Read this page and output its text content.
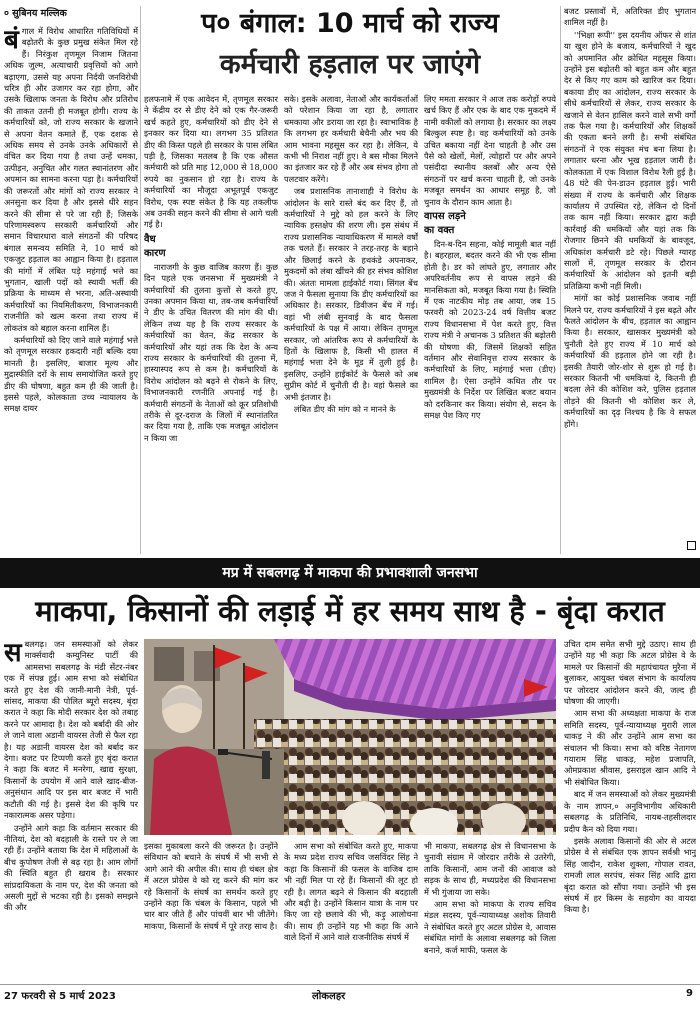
० सुबिनय मल्लिक	प० बंगाल: 10 मार्च को राज्य
कर्मचारी हड़ताल पर जाएंगे
बं गाल में विरोध आधारित गतिविधियों में बढ़ोतरी के कुछ प्रमुख संकेत मिल रहे हैं। निरंकुश तृणमूल निजाम जितना अधिक जुल्म, अत्याचारी प्रवृत्तियों को आगे बढ़ाएगा, उससे यह अपना निर्दयी जनविरोधी चरित्र ही और उजागर कर रहा होगा, और उसके खिलाफ जनता के विरोध और प्रतिरोध की ताकत उतनी ही मजबूत होगी। राज्य के कर्मचारियों को, जो राज्य सरकार के खजाने से अपना वेतन कमाते हैं, एक दशक से अधिक समय से उनके उनके अधिकारों से वंचित कर दिया गया है तथा उन्हें धमका, उत्पीड़न, अनुचित और गलत स्थानांतरण और अपमान का सामना करना पड़ा है। कर्मचारियों की जरूरतों और मांगों को राज्य सरकार ने अनसुना कर दिया है और इससे धीरे सहन करने की सीमा से परे जा रही हैं; जिसके परिणामस्वरूप सरकारी कर्मचारियों और समान विचारधारा वाले संगठनों की परिषद बंगाल समन्वय समिति ने, 10 मार्च को एकजुट हड़ताल का आह्वान किया है। हड़ताल की मांगों में लंबित पड़े महंगाई भत्ते का भुगतान, खाली पदों को स्थायी भर्ती की प्रक्रिया के माध्यम से भरना, अति-अस्थायी कर्मचारियों का नियमितीकरण, विभाजनकारी राजनीति को खत्म करना तथा राज्य में लोकतंत्र को बहाल करना शामिल हैं।

कर्मचारियों को दिए जाने वाले महंगाई भत्ते को तृणमूल सरकार हकदारी नहीं बल्कि दया मानती है। इसलिए, बाजार मूल्य और मुद्रास्फीति दरों के साथ समायोजित करते हुए डीए की घोषणा, बहुत कम ही की जाती है। इससे पहले, कोलकाता उच्च न्यायालय के समक्ष दायर

हलफनामे में एक आवेदन में, तृणमूल सरकार ने केंद्रीय दर से डीए देने को एक गैर-जरूरी खर्च कहते हुए, कर्मचारियों को डीए देने से इनकार कर दिया था। लगभग 35 प्रतिशत डीए की किस्त पहले ही सरकार के पास लंबित पड़ी है, जिसका मतलब है कि एक औसत कर्मचारी को प्रति माह 12,000 से 18,000 रुपये का नुकसान हो रहा है। राज्य के कर्मचारियों का मौजूदा अभूतपूर्व एकजुट विरोध, एक स्पष्ट संकेत है कि यह तकलीफ अब उनकी सहन करने की सीमा से आगे चली गई है।

वैध
कारण

नाराजगी के कुछ वाजिब कारण हैं। कुछ दिन पहले एक जनसभा में मुख्यमंत्री ने कर्मचारियों की तुलना कुत्तों से करते हुए, उनका अपमान किया था, तब-जब कर्मचारियों ने डीए के उचित वितरण की मांग की थी। लेकिन तथ्य यह है कि राज्य सरकार के कर्मचारियों का वेतन, केंद्र सरकार के कर्मचारियों और यहां तक कि देश के अन्य राज्य सरकार के कर्मचारियों की तुलना में, हास्यास्पद रूप से कम है। कर्मचारियों के विरोध आंदोलन को बढ़ने से रोकने के लिए, विभाजनकारी रणनीति अपनाई गई है। कर्मचारी संगठनों के नेताओं को क्रूर प्रतिशोधी तरीके से दूर-दराज के जिलों में स्थानांतरित कर दिया गया है, ताकि एक मजबूत आंदोलन न किया जा

सके। इसके अलावा, नेताओं और कार्यकर्ताओं को परेशान किया जा रहा है, लगातार धमकाया और डराया जा रहा है। स्वाभाविक है कि लगभग हर कर्मचारी बेचैनी और भय की आम भावना महसूस कर रहा है। लेकिन, ये कभी भी निराश नहीं हुए। वे बस मौका मिलने का इंतजार कर रहे हैं और अब संभव होगा तो पलटवार करेंगे।

जब प्रशासनिक तानाशाही ने विरोध के आंदोलन के सारे रास्ते बंद कर दिए हैं, तो कर्मचारियों ने मुद्दे को हल करने के लिए न्यायिक हस्तक्षेप की शरण ली। इस संबंध में राज्य प्रशासनिक न्यायाधिकरण में मामले वर्षों तक चलते हैं। सरकार ने तरह-तरह के बहाने और छिलाई करने के हथकंडे अपनाकर, मुकदमों को लंबा खींचने की हर संभव कोशिश की। अंततः मामला हाईकोर्ट गया। सिंगल बेंच जज ने फैसला सुनाया कि डीए कर्मचारियों का अधिकार है। सरकार, डिवीजन बेंच में गई। वहां भी लंबी सुनवाई के बाद फैसला कर्मचारियों के पक्ष में आया। लेकिन तृणमूल सरकार, जो आंतरिक रूप से कर्मचारियों के हितों के खिलाफ है, किसी भी हालत में महंगाई भत्ता देने के मूड में तुली हुई है। इसलिए, उन्होंने हाईकोर्ट के फैसले को अब सुप्रीम कोर्ट में चुनौती दी है। वहां फैसले का अभी इंतजार है।

लंबित डीए की मांग को न मानने के

लिए ममता सरकार ने आज तक करोड़ों रुपये खर्च किए हैं और एक के बाद एक मुकदमे में नामी वकीलों को लगाया है। सरकार का लक्ष्य बिल्कुल स्पष्ट है। वह कर्मचारियों को उनके उचित बकाया नहीं देना चाहती है और उस पैसे को खेलों, मेलों, त्योहारों पर और अपने पसंदीदा स्थानीय क्लबों और अन्य ऐसे संगठनों पर खर्च करना चाहती है, जो उनके मजबूत समर्थन का आधार समूह है, जो चुनाव के दौरान काम आता है।

वापस लड़ने
का वक्त

दिन-ब-दिन सहना, कोई मामूली बात नहीं है। बहरहाल, बदतर करने की भी एक सीमा होती है। डर को लांघते हुए, लगातार और अपरिवर्तनीय रूप से वापस लड़ने की मानसिकता को, मजबूत किया गया है। स्थिति में एक नाटकीय मोड़ तब आया, जब 15 फरवरी को 2023-24 वर्ष वित्तीय बजट राज्य विधानसभा में पेश करते हुए, वित्त राज्य मंत्री ने अचानक 3 प्रतिशत की बढ़ोतरी की घोषणा की, जिसमें शिक्षकों सहित वर्तमान और सेवानिवृत्त राज्य सरकार के कर्मचारियों के लिए, महंगाई भत्ता (डीए) शामिल है। ऐसा उन्होंने कथित तौर पर मुख्यमंत्री के निर्देश पर लिखित बजट बयान को दरकिनार कर किया। संयोग से, सदन के समक्ष पेश किए गए

बजट प्रस्तावों में, अतिरिक्त डीए भुगतान शामिल नहीं है।

''भिक्षा रूपी'' इस दयनीय ऑफर से शांत या खुश होने के बजाय, कर्मचारियों ने खुद को अपमानित और क्रोधित महसूस किया। उन्होंने इस बढ़ोतरी को बहुत कम और बहुत देर से किए गए काम को खारिज कर दिया। बकाया डीए का आंदोलन, राज्य सरकार के सीधे कर्मचारियों से लेकर, राज्य सरकार के खजाने से वेतन हासिल करने वाले सभी वर्गों तक फैल गया है। कर्मचारियों और शिक्षकों की एकता बनने लगी है। सभी संबंधित संगठनों ने एक संयुक्त मंच बना लिया है। लगातार धरना और भूख हड़ताल जारी है। कोलकाता में एक विशाल विरोध रैली हुई है। 48 घंटे की पेन-डाउन हड़ताल हुई। भारी संख्या में राज्य के कर्मचारी और शिक्षक कार्यालय में उपस्थित रहे, लेकिन दो दिनों तक काम नहीं किया। सरकार द्वारा कड़ी कार्रवाई की धमकियों और यहां तक कि रोजगार छिनने की धमकियों के बावजूद, अधिकांश कर्मचारी डटे रहे। पिछले ग्यारह सालों में, तृणमूल सरकार के दौरान कर्मचारियों के आंदोलन को इतनी बड़ी प्रतिक्रिया कभी नहीं मिली।

मांगों का कोई प्रशासनिक जवाब नहीं मिलने पर, राज्य कर्मचारियों ने इस बढ़ते और फैलते आंदोलन के बीच, हड़ताल का आह्वान किया है। सरकार, खासकर मुख्यमंत्री को चुनौती देते हुए राज्य में 10 मार्च को कर्मचारियों की हड़ताल होने जा रही है। इसकी तैयारी जोर-शोर से शुरू हो गई है। सरकार कितनी भी धमकियां दे, कितनी ही बदला लेने की कोशिश करे, पुलिस हड़ताल तोड़ने की कितनी भी कोशिश कर ले, कर्मचारियों का दृढ़ निश्चय है कि वे सफल होंगे।

मप्र में सबलगढ़ में माकपा की प्रभावशाली जनसभा
माकपा, किसानों की लड़ाई में हर समय साथ है - बृंदा करात
स बलगढ़। जन समस्याओं को लेकर मार्क्सवादी कम्युनिस्ट पार्टी की आमसभा सबलगढ़ के मंडी सेंटर-नंबर एक में संपन्न हुई। आम सभा को संबोधित करते हुए देश की जानी-मानी नेत्री, पूर्व-सांसद, माकपा की पोलित ब्यूरो सदस्य, बृंदा करात ने कहा कि मोदी सरकार देश को तबाह करने पर आमादा है। देश को बर्बादी की ओर ले जाने वाला अडानी वायरस तेजी से फैल रहा है। यह अडानी वायरस देश को बर्बाद कर देगा। बजट पर टिप्पणी करते हुए बृंदा करात ने कहा कि बजट में मनरेगा, खाद्य सुरक्षा, किसानों के उपयोग में आने वाले खाद-बीज-अनुसंधान आदि पर इस बार बजट में भारी कटौती की गई है। इससे देश की कृषि पर नकारात्मक असर पड़ेगा।

उन्होंने आगे कहा कि वर्तमान सरकार की नीतियां, देश को बदहाली के रास्ते पर ले जा रही हैं। उन्होंने बताया कि देश में महिलाओं के बीच कुपोषण तेजी से बढ़ रहा है। आम लोगों की स्थिति बहुत ही खराब है। सरकार सांप्रदायिकता के नाम पर, देश की जनता को असली मुद्दों से भटका रही है। इसको समझने की और

इसका मुकाबला करने की जरूरत है। उन्होंने संविधान को बचाने के संघर्ष में भी सभी से आगे आने की अपील की। साथ ही चंबल क्षेत्र में अटल प्रोग्रेस वे को रद्द करने की मांग कर रहे किसानों के संघर्ष का समर्थन करते हुए उन्होंने कहा कि चंबल के किसान, पहले भी चार बार जीते हैं और पांचवीं बार भी जीतेंगे। माकपा, किसानों के संघर्ष में पूरे तरह साथ है।

आम सभा को संबोधित करते हुए, माकपा के मध्य प्रदेश राज्य सचिव जसविंदर सिंह ने कहा कि किसानों की फसल के वाजिब दाम भी नहीं मिल पा रहे हैं। किसानों की लूट हो रही है। लागत बढ़ने से किसान की बदहाली और बढ़ी है। उन्होंने किसान यात्रा के नाम पर किए जा रहे छलावे की भी, कड़ु आलोचना की। साथ ही उन्होंने यह भी कहा कि आने वाले दिनों में आने वाले राजनीतिक संघर्ष में

भी माकपा, सबलगढ़ क्षेत्र से विधानसभा के चुनावी संग्राम में जोरदार तरीके से उतरेगी, ताकि किसानों, आम जनों की आवाज को सड़क के साथ ही, मध्यप्रदेश की विधानसभा में भी गुंजाया जा सके।

आम सभा को माकपा के राज्य सचिव मंडल सदस्य, पूर्व-न्यायाध्यक्ष अशोक तिवारी ने संबोधित करते हुए अटल प्रोग्रेस वे, आवास संबंधित मांगों के अलावा सबलगढ़ को जिला बनाने, कर्ज माफी, फसल के

उचित दाम समेत सभी मुद्दे उठाए। साथ ही उन्होंने यह भी कहा कि अटल प्रोग्रेस वे के मामले पर किसानों की महापंचायत मुरैना में बुलाकर, आयुक्त चंबल संभाग के कार्यालय पर जोरदार आंदोलन करने की, जल्द ही घोषणा की जाएगी।

आम सभा की अध्यक्षता माकपा के राज समिति सदस्य, पूर्व-न्यायाध्यक्ष मुरारी लाल धाकड़ ने की और उन्होंने आम सभा का संचालन भी किया। सभा को वरिष्ठ नेतागण गयाराम सिंह धाकड़, महेश प्रजापति, ओमप्रकाश श्रीवास, इसराइल खान आदि ने भी संबोधित किया।

बाद में जन समस्याओं को लेकर मुख्यमंत्री के नाम ज्ञापन,० अनुविभागीय अधिकारी सबलगढ़ के प्रतिनिधि, नायब-तहसीलदार प्रदीप कैन को दिया गया।

इसके अलावा किसानों की ओर से अटल प्रोग्रेस वे से संबंधित एक ज्ञापन सर्वश्री भानु सिंह जादौन, राकेश शुक्ला, गोपाल रावत, रामजी लाल सरपंच, संकर सिंह आदि द्वारा बृंदा करात को सौंपा गया। उन्होंने भी इस संघर्ष में हर किस्म के सहयोग का वायदा किया है।

27 फरवरी से 5 मार्च 2023	लोकलहर	9
